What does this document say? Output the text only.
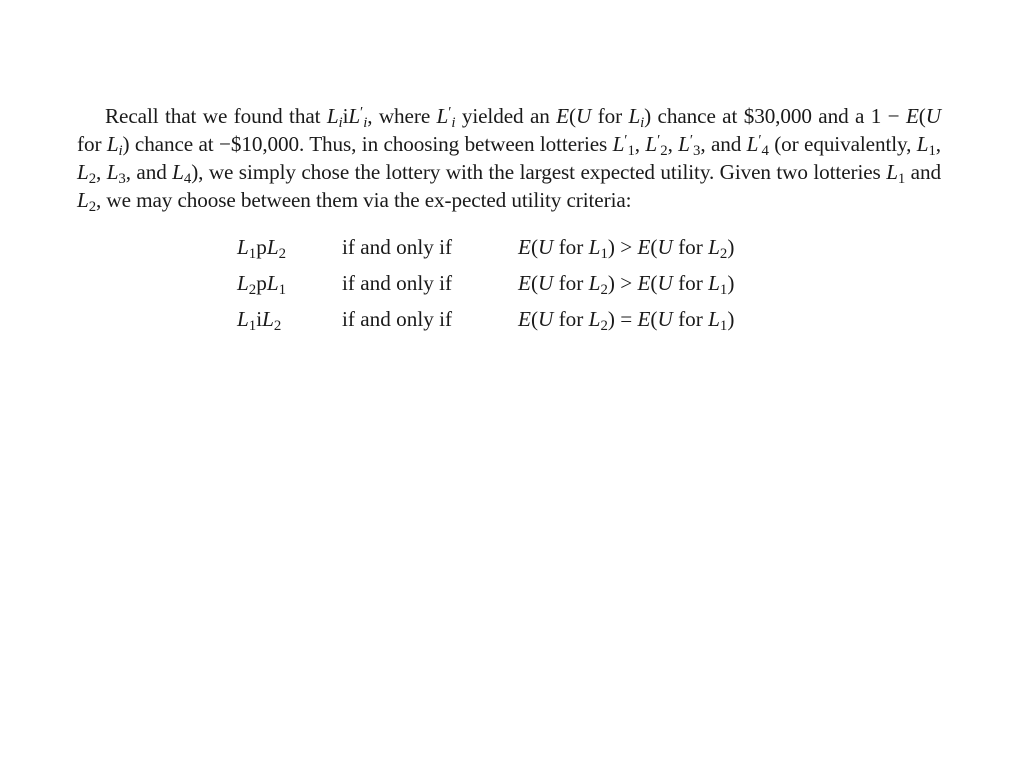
Recall that we found that $L_iiL'_i$, where $L'_i$ yielded an E(U for $L_i$) chance at $30,000 and a 1 − E(U for $L_i$) chance at −$10,000. Thus, in choosing between lotteries $L'_1$, $L'_2$, $L'_3$, and $L'_4$ (or equivalently, $L_1$, $L_2$, $L_3$, and $L_4$), we simply chose the lottery with the largest expected utility. Given two lotteries $L_1$ and $L_2$, we may choose between them via the ex-pected utility criteria:

$L_1pL_2$	if and only if	E(U for $L_1) > E(U$ for $L_2$)
$L_2pL_1$	if and only if	E(U for $L_2) > E(U$ for $L_1$)
$L_1iL_2$	if and only if	E(U for $L_2) = E(U$ for $L_1$)
